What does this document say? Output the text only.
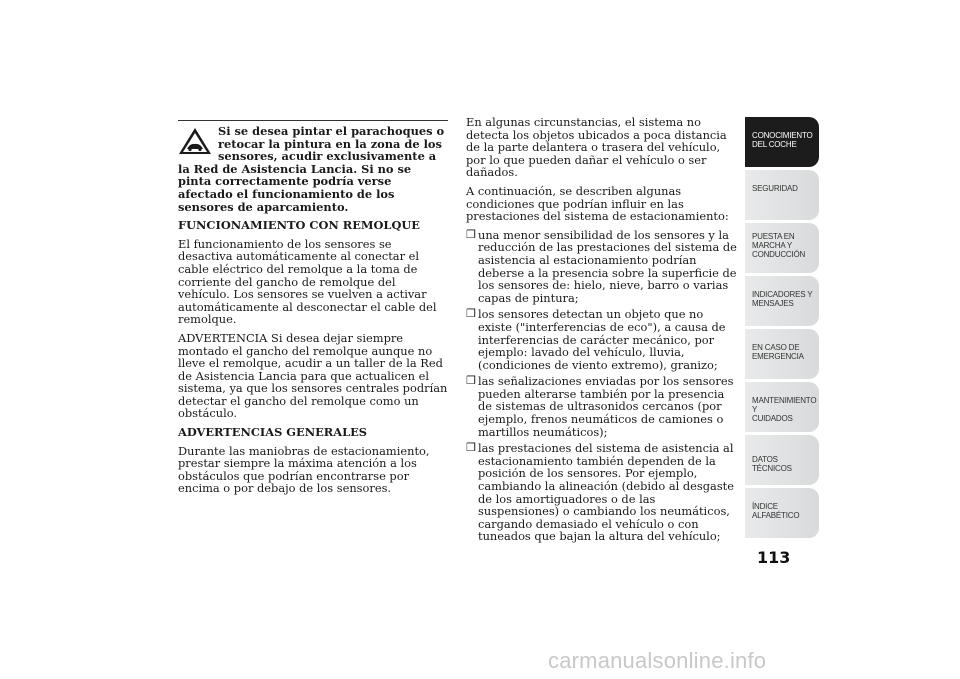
Si se desea pintar el parachoques o retocar la pintura en la zona de los sensores, acudir exclusivamente a la Red de Asistencia Lancia. Si no se pinta correctamente podría verse afectado el funcionamiento de los sensores de aparcamiento.

FUNCIONAMIENTO CON REMOLQUE

El funcionamiento de los sensores se desactiva automáticamente al conectar el cable eléctrico del remolque a la toma de corriente del gancho de remolque del vehículo. Los sensores se vuelven a activar automáticamente al desconectar el cable del remolque.

ADVERTENCIA Si desea dejar siempre montado el gancho del remolque aunque no lleve el remolque, acudir a un taller de la Red de Asistencia Lancia para que actualicen el sistema, ya que los sensores centrales podrían detectar el gancho del remolque como un obstáculo.

ADVERTENCIAS GENERALES

Durante las maniobras de estacionamiento, prestar siempre la máxima atención a los obstáculos que podrían encontrarse por encima o por debajo de los sensores.

En algunas circunstancias, el sistema no detecta los objetos ubicados a poca distancia de la parte delantera o trasera del vehículo, por lo que pueden dañar el vehículo o ser dañados.

A continuación, se describen algunas condiciones que podrían influir en las prestaciones del sistema de estacionamiento:

❒ una menor sensibilidad de los sensores y la reducción de las prestaciones del sistema de asistencia al estacionamiento podrían deberse a la presencia sobre la superficie de los sensores de: hielo, nieve, barro o varias capas de pintura;
❒ los sensores detectan un objeto que no existe ("interferencias de eco"), a causa de interferencias de carácter mecánico, por ejemplo: lavado del vehículo, lluvia, (condiciones de viento extremo), granizo;
❒ las señalizaciones enviadas por los sensores pueden alterarse también por la presencia de sistemas de ultrasonidos cercanos (por ejemplo, frenos neumáticos de camiones o martillos neumáticos);
❒ las prestaciones del sistema de asistencia al estacionamiento también dependen de la posición de los sensores. Por ejemplo, cambiando la alineación (debido al desgaste de los amortiguadores o de las suspensiones) o cambiando los neumáticos, cargando demasiado el vehículo o con tuneados que bajan la altura del vehículo;
CONOCIMIENTO
DEL COCHE
SEGURIDAD
PUESTA EN
MARCHA Y
CONDUCCIÓN
INDICADORES Y
MENSAJES
EN CASO DE
EMERGENCIA
MANTENIMIENTO Y
CUIDADOS
DATOS TÉCNICOS
ÍNDICE
ALFABÉTICO
113
carmanualsonline.info
